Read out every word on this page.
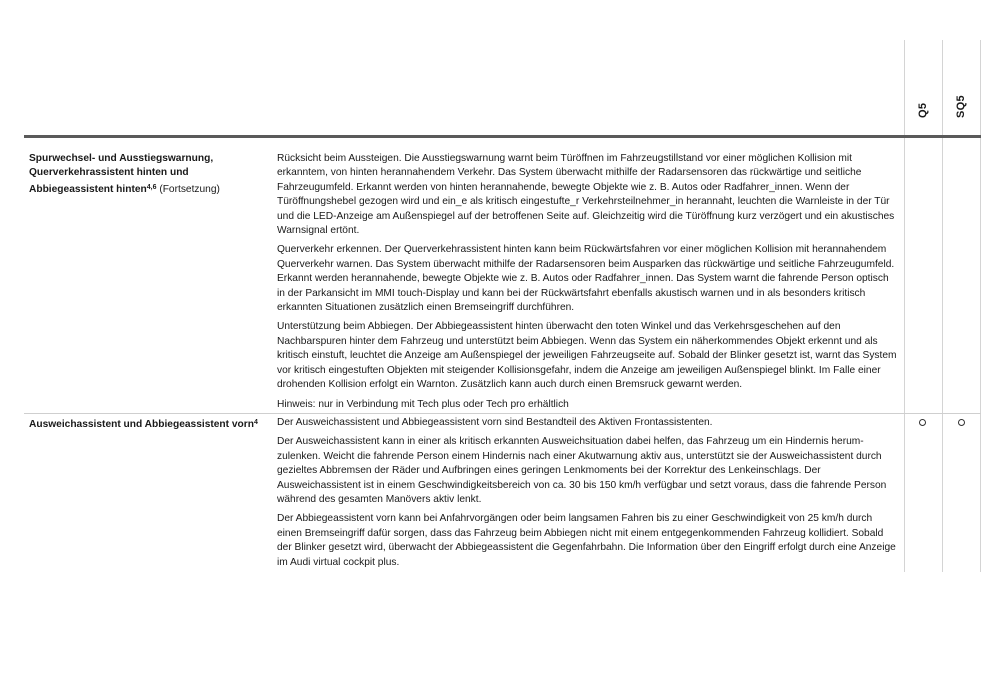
Q5 SQ5
Spurwechsel- und Ausstiegswarnung, Querverkehrassistent hinten und Abbiegeassistent hinten$^{4,6}$ (Fortsetzung)

Rücksicht beim Aussteigen. Die Ausstiegswarnung warnt beim Türöffnen im Fahrzeugstillstand vor einer möglichen Kollision mit erkanntem, von hinten herannahendem Verkehr. Das System überwacht mithilfe der Radarsensoren das rückwärtige und seitliche Fahrzeugumfeld. Erkannt werden von hinten herannahende, bewegte Objekte wie z. B. Autos oder Radfahrer_innen. Wenn der Türöffnungshebel gezogen wird und ein_e als kritisch eingestufte_r Verkehrsteilnehmer_in herannaht, leuchten die Warnleiste in der Tür und die LED-Anzeige am Außenspiegel auf der betroffenen Seite auf. Gleichzeitig wird die Türöffnung kurz verzögert und ein akustisches Warnsignal ertönt.

Querverkehr erkennen. Der Querverkehrassistent hinten kann beim Rückwärtsfahren vor einer möglichen Kollision mit herannahendem Querverkehr warnen. Das System überwacht mithilfe der Radarsensoren beim Ausparken das rückwärtige und seitliche Fahrzeugumfeld. Erkannt werden herannahende, bewegte Objekte wie z. B. Autos oder Radfahrer_innen. Das System warnt die fahrende Person optisch in der Parkansicht im MMI touch-Display und kann bei der Rückwärtsfahrt ebenfalls akustisch warnen und in als besonders kritisch erkannten Situationen zusätzlich einen Bremseingriff durchführen.

Unterstützung beim Abbiegen. Der Abbiegeassistent hinten überwacht den toten Winkel und das Verkehrsgeschehen auf den Nachbarspuren hinter dem Fahrzeug und unterstützt beim Abbiegen. Wenn das System ein näherkommendes Objekt erkennt und als kritisch einstuft, leuchtet die Anzeige am Außenspiegel der jeweiligen Fahrzeugseite auf. Sobald der Blinker gesetzt ist, warnt das System vor kritisch eingestuften Objekten mit steigender Kollisionsgefahr, indem die Anzeige am jeweiligen Außenspiegel blinkt. Im Falle einer drohenden Kollision erfolgt ein Warnton. Zusätzlich kann auch durch einen Bremsruck gewarnt werden.

Hinweis: nur in Verbindung mit Tech plus oder Tech pro erhältlich

Ausweichassistent und Abbiegeassistent vorn$^4$	Der Ausweichassistent und Abbiegeassistent vorn sind Bestandteil des Aktiven Frontassistenten.

Der Ausweichassistent kann in einer als kritisch erkannten Ausweichsituation dabei helfen, das Fahrzeug um ein Hindernis herumzulenken. Weicht die fahrende Person einem Hindernis nach einer Akutwarnung aktiv aus, unterstützt sie der Ausweichassistent durch gezieltes Abbremsen der Räder und Aufbringen eines geringen Lenkmoments bei der Korrektur des Lenkeinschlags. Der Ausweichassistent ist in einem Geschwindigkeitsbereich von ca. 30 bis 150 km/h verfügbar und setzt voraus, dass die fahrende Person während des gesamten Manövers aktiv lenkt.

Der Abbiegeassistent vorn kann bei Anfahrvorgängen oder beim langsamen Fahren bis zu einer Geschwindigkeit von 25 km/h durch einen Bremseingriff dafür sorgen, dass das Fahrzeug beim Abbiegen nicht mit einem entgegenkommenden Fahrzeug kollidiert. Sobald der Blinker gesetzt wird, überwacht der Abbiegeassistent die Gegenfahrbahn. Die Information über den Eingriff erfolgt durch eine Anzeige im Audi virtual cockpit plus.
